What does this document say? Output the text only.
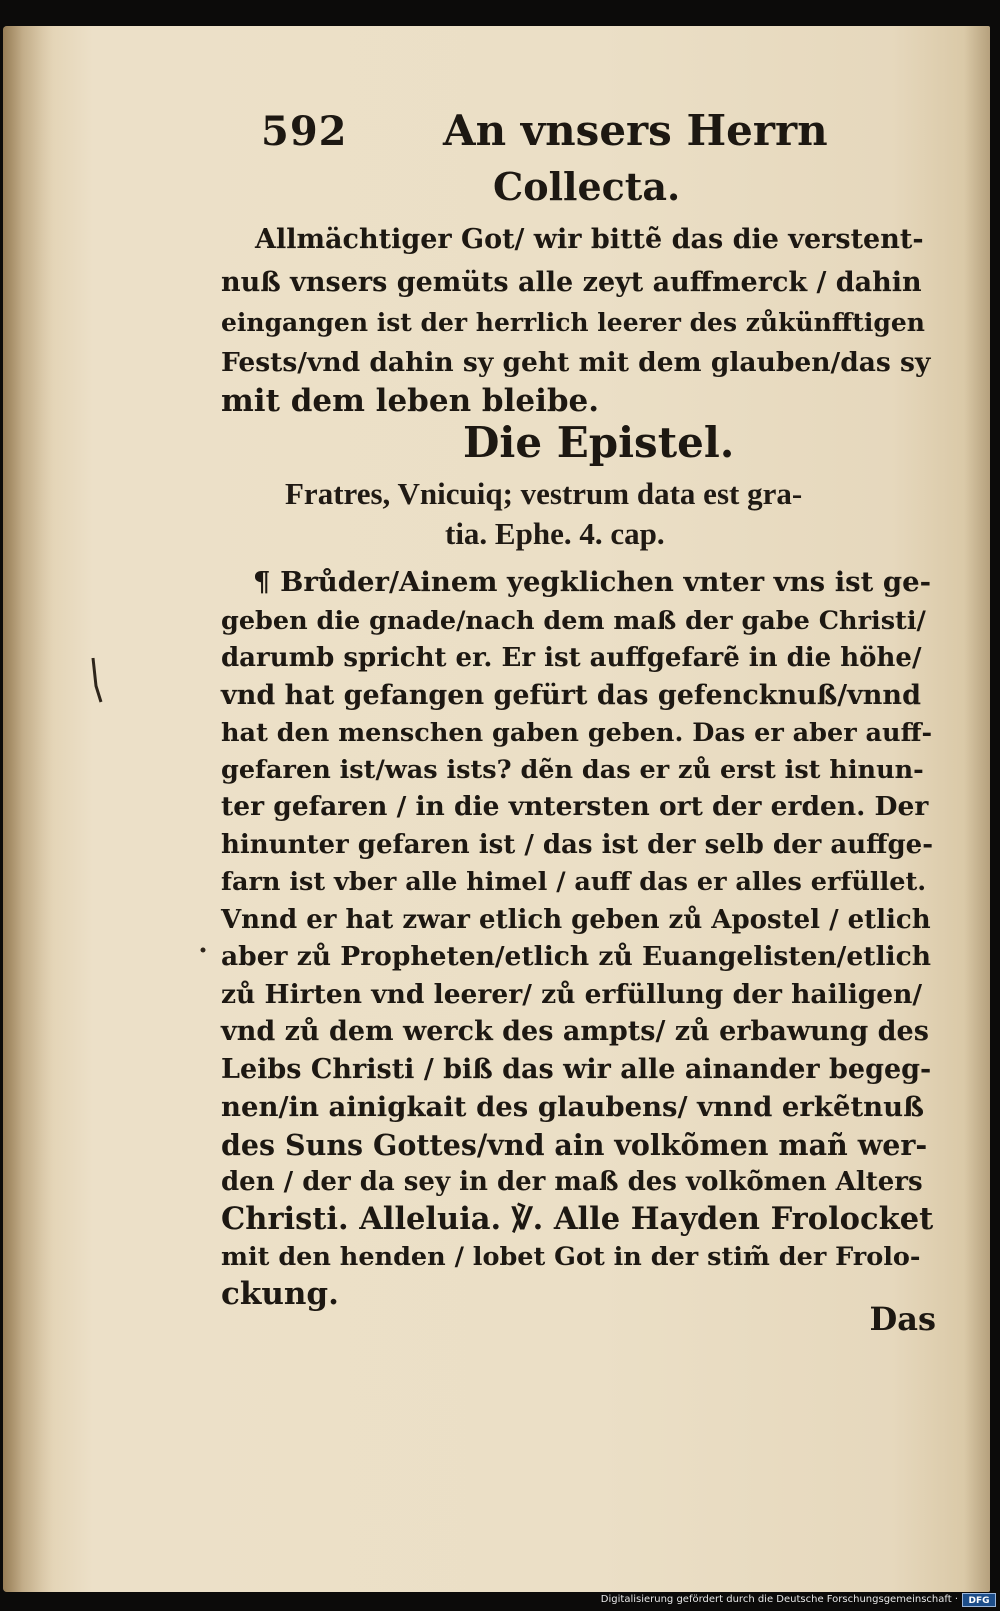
592 An vnsers Herrn
Collecta.
Allmächtiger Got/ wir bittẽ das die verstent-
nuß vnsers gemüts alle zeyt auffmerck / dahin
eingangen ist der herrlich leerer des zůkünfftigen
Fests/vnd dahin sy geht mit dem glauben/das sy
mit dem leben bleibe.
Die Epistel.
Fratres, Vnicuiq; vestrum data est gra-
tia. Ephe. 4. cap.
¶ Brůder/Ainem yegklichen vnter vns ist ge-
geben die gnade/nach dem maß der gabe Christi/
darumb spricht er. Er ist auffgefarẽ in die höhe/
vnd hat gefangen gefürt das gefencknuß/vnnd
hat den menschen gaben geben. Das er aber auff-
gefaren ist/was ists? dẽn das er zů erst ist hinun-
ter gefaren / in die vntersten ort der erden. Der
hinunter gefaren ist / das ist der selb der auffge-
farn ist vber alle himel / auff das er alles erfüllet.
Vnnd er hat zwar etlich geben zů Apostel / etlich
aber zů Propheten/etlich zů Euangelisten/etlich
zů Hirten vnd leerer/ zů erfüllung der hailigen/
vnd zů dem werck des ampts/ zů erbawung des
Leibs Christi / biß das wir alle ainander begeg-
nen/in ainigkait des glaubens/ vnnd erkẽtnuß
des Suns Gottes/vnd ain volkõmen mañ wer-
den / der da sey in der maß des volkõmen Alters
Christi. Alleluia. ℣. Alle Hayden Frolocket
mit den henden / lobet Got in der stim̃ der Frolo-
ckung.
Das
Digitalisierung gefördert durch die Deutsche Forschungsgemeinschaft ·	DFG
